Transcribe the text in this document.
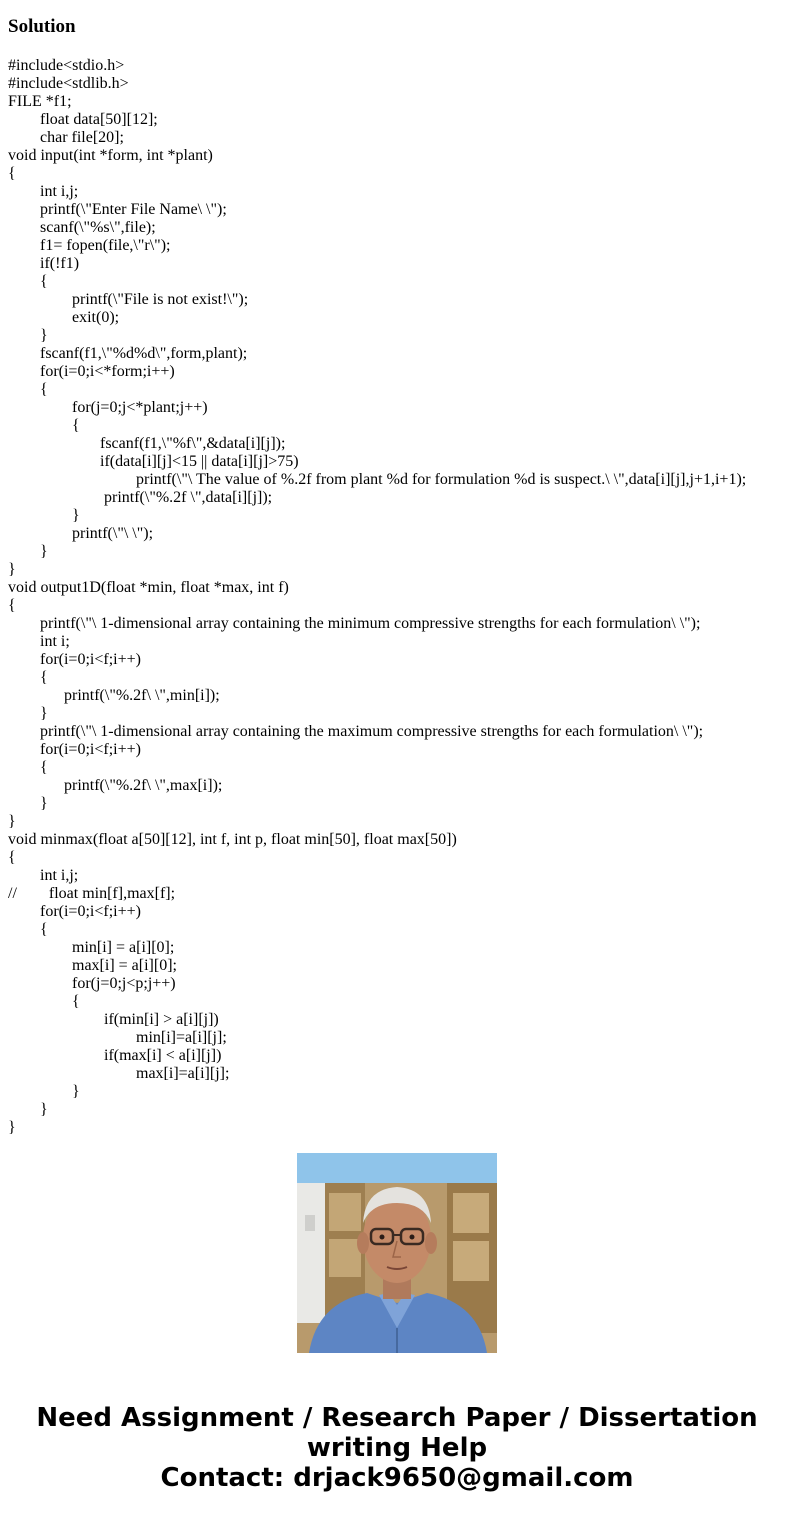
Solution
#include<stdio.h>
#include<stdlib.h>
FILE *f1;
float data[50][12];
char file[20];
void input(int *form, int *plant)
{
int i,j;
printf(\"Enter File Name\ \");
scanf(\"%s\",file);
f1= fopen(file,\"r\");
if(!f1)
{
printf(\"File is not exist!\");
exit(0);
}
fscanf(f1,\"%d%d\",form,plant);
for(i=0;i<*form;i++)
{
for(j=0;j<*plant;j++)
{
fscanf(f1,\"%f\",&data[i][j]);
if(data[i][j]<15 || data[i][j]>75)
printf(\"\ The value of %.2f from plant %d for formulation %d is suspect.\ \",data[i][j],j+1,i+1);
printf(\"%.2f \",data[i][j]);
}
printf(\"\ \");
}
}
void output1D(float *min, float *max, int f)
{
printf(\"\ 1-dimensional array containing the minimum compressive strengths for each formulation\ \");
int i;
for(i=0;i<f;i++)
{
printf(\"%.2f\ \",min[i]);
}
printf(\"\ 1-dimensional array containing the maximum compressive strengths for each formulation\ \");
for(i=0;i<f;i++)
{
printf(\"%.2f\ \",max[i]);
}
}
void minmax(float a[50][12], int f, int p, float min[50], float max[50])
{
int i,j;
//        float min[f],max[f];
for(i=0;i<f;i++)
{
min[i] = a[i][0];
max[i] = a[i][0];
for(j=0;j<p;j++)
{
if(min[i] > a[i][j])
min[i]=a[i][j];
if(max[i] < a[i][j])
max[i]=a[i][j];
}
}
}
Need Assignment / Research Paper / Dissertation
writing Help
Contact: drjack9650@gmail.com
